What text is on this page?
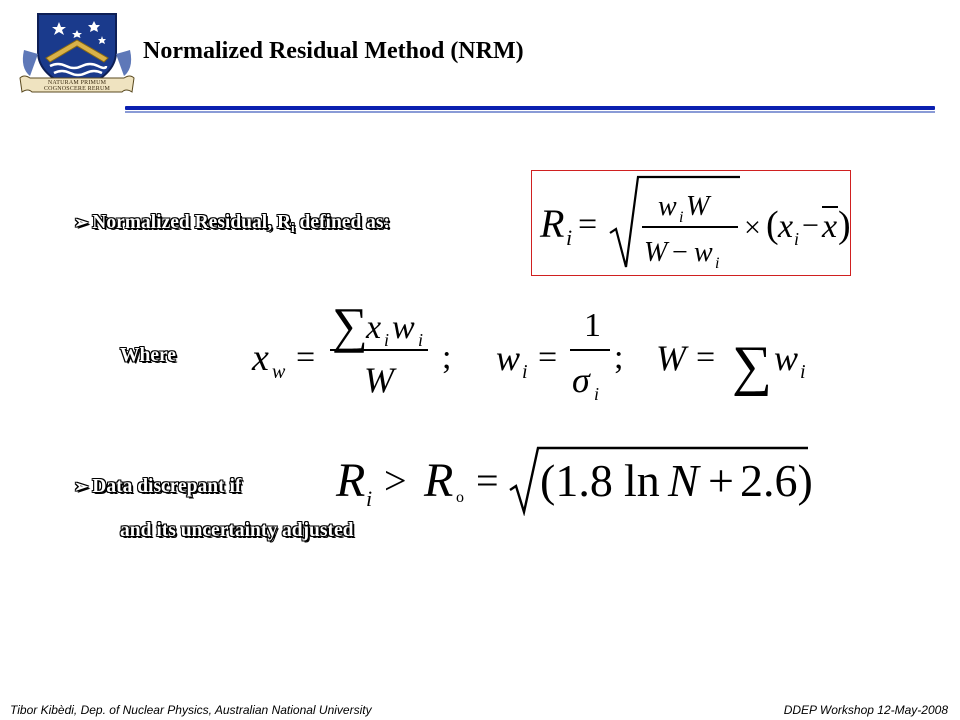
NATURAM PRIMUM COGNOSCERE RERUM
Normalized Residual Method (NRM)
➢ Normalized Residual, $R_i$ defined as:	R i = w i W
W − w i
× ( x i − x )
Where x w =
∑
x i w i
W
; w i =
1
σ i
; W = ∑ w i
➢ Data discrepant if
and its uncertainty adjusted
R i > R o = (1.8 ln N + 2.6)
Tibor Kibèdi, Dep. of Nuclear Physics, Australian National University	DDEP Workshop 12-May-2008
